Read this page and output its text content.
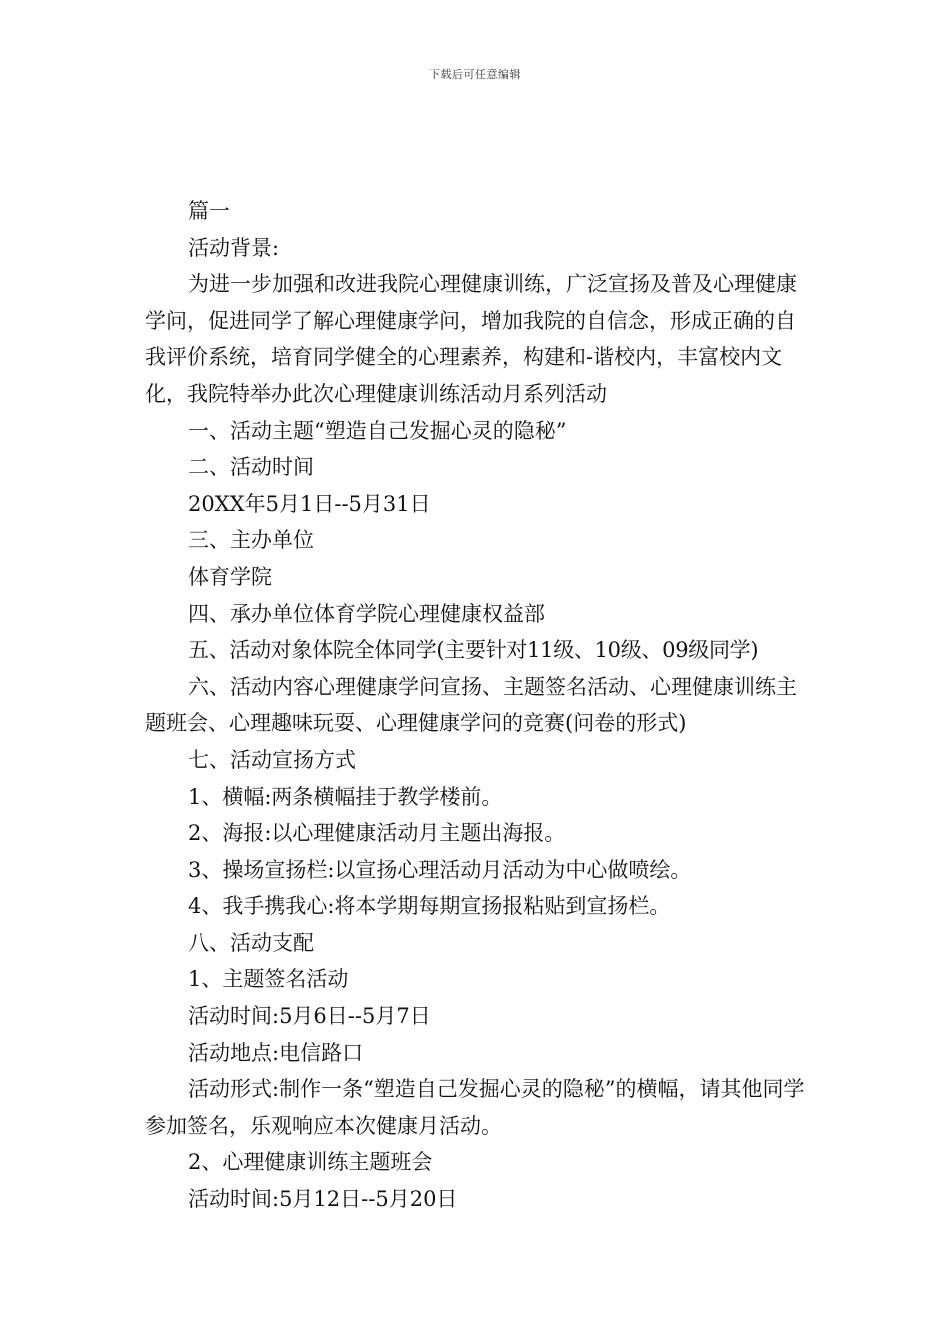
下载后可任意编辑

篇一

活动背景:

为进一步加强和改进我院心理健康训练，广泛宣扬及普及心理健康学问，促进同学了解心理健康学问，增加我院的自信念，形成正确的自我评价系统，培育同学健全的心理素养，构建和-谐校内，丰富校内文化，我院特举办此次心理健康训练活动月系列活动

一、活动主题“塑造自己发掘心灵的隐秘”

二、活动时间

20XX年5月1日--5月31日

三、主办单位

体育学院

四、承办单位体育学院心理健康权益部

五、活动对象体院全体同学(主要针对11级、10级、09级同学)

六、活动内容心理健康学问宣扬、主题签名活动、心理健康训练主题班会、心理趣味玩耍、心理健康学问的竞赛(问卷的形式)

七、活动宣扬方式

1、横幅:两条横幅挂于教学楼前。

2、海报:以心理健康活动月主题出海报。

3、操场宣扬栏:以宣扬心理活动月活动为中心做喷绘。

4、我手携我心:将本学期每期宣扬报粘贴到宣扬栏。

八、活动支配

1、主题签名活动

活动时间:5月6日--5月7日

活动地点:电信路口

活动形式:制作一条“塑造自己发掘心灵的隐秘”的横幅，请其他同学参加签名，乐观响应本次健康月活动。

2、心理健康训练主题班会

活动时间:5月12日--5月20日
